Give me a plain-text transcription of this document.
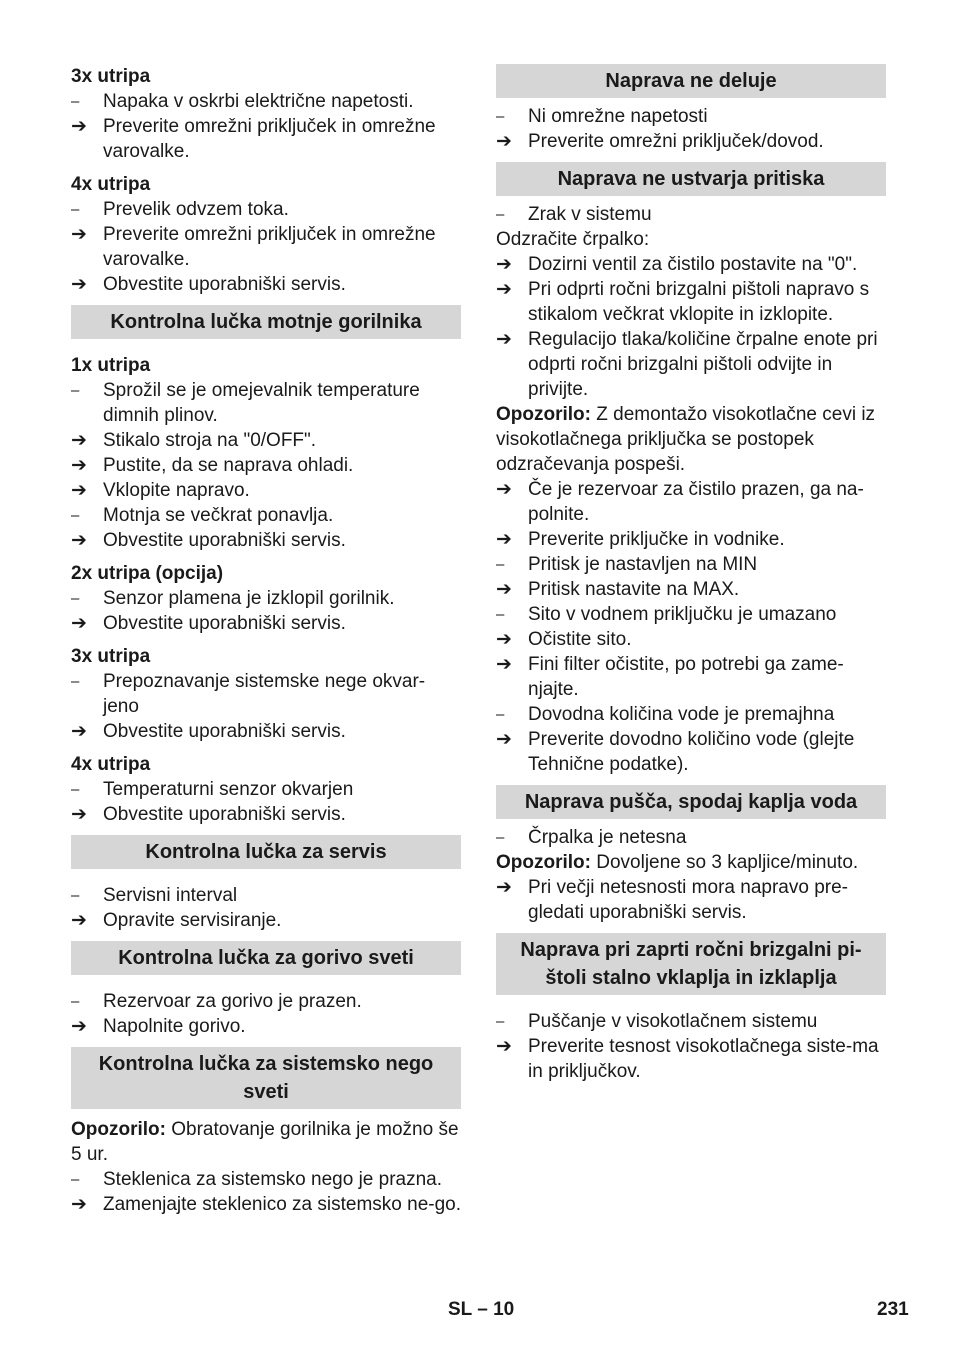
3x utripa
–	Napaka v oskrbi električne napetosti.
➔ Preverite omrežni priključek in omrežne varovalke.
4x utripa
–	Prevelik odvzem toka.
➔ Preverite omrežni priključek in omrežne varovalke.
➔ Obvestite uporabniški servis.
Kontrolna lučka motnje gorilnika
1x utripa
–	Sprožil se je omejevalnik temperature dimnih plinov.
➔ Stikalo stroja na "0/OFF".
➔ Pustite, da se naprava ohladi.
➔ Vklopite napravo.
–	Motnja se večkrat ponavlja.
➔ Obvestite uporabniški servis.
2x utripa (opcija)
–	Senzor plamena je izklopil gorilnik.
➔ Obvestite uporabniški servis.
3x utripa
–	Prepoznavanje sistemske nege okvar-jeno
➔ Obvestite uporabniški servis.
4x utripa
–	Temperaturni senzor okvarjen
➔ Obvestite uporabniški servis.
Kontrolna lučka za servis
–	Servisni interval
➔ Opravite servisiranje.
Kontrolna lučka za gorivo sveti
–	Rezervoar za gorivo je prazen.
➔ Napolnite gorivo.
Kontrolna lučka za sistemsko nego sveti
Opozorilo: Obratovanje gorilnika je možno še 5 ur.
–	Steklenica za sistemsko nego je prazna.
➔ Zamenjajte steklenico za sistemsko ne-go.
Naprava ne deluje
–	Ni omrežne napetosti
➔ Preverite omrežni priključek/dovod.
Naprava ne ustvarja pritiska
–	Zrak v sistemu
Odzračite črpalko:
➔ Dozirni ventil za čistilo postavite na "0".
➔ Pri odprti ročni brizgalni pištoli napravo s stikalom večkrat vklopite in izklopite.
➔ Regulacijo tlaka/količine črpalne enote pri odprti ročni brizgalni pištoli odvijte in privijte.
Opozorilo: Z demontažo visokotlačne cevi iz visokotlačnega priključka se postopek odzračevanja pospeši.
➔ Če je rezervoar za čistilo prazen, ga na-polnite.
➔ Preverite priključke in vodnike.
–	Pritisk je nastavljen na MIN
➔ Pritisk nastavite na MAX.
–	Sito v vodnem priključku je umazano
➔ Očistite sito.
➔ Fini filter očistite, po potrebi ga zame-njajte.
–	Dovodna količina vode je premajhna
➔ Preverite dovodno količino vode (glejte Tehnične podatke).
Naprava pušča, spodaj kaplja voda
–	Črpalka je netesna
Opozorilo: Dovoljene so 3 kapljice/minuto.
➔ Pri večji netesnosti mora napravo pre-gledati uporabniški servis.
Naprava pri zaprti ročni brizgalni pi-štoli stalno vklaplja in izklaplja
–	Puščanje v visokotlačnem sistemu
➔ Preverite tesnost visokotlačnega siste-ma in priključkov.
SL – 10	231
